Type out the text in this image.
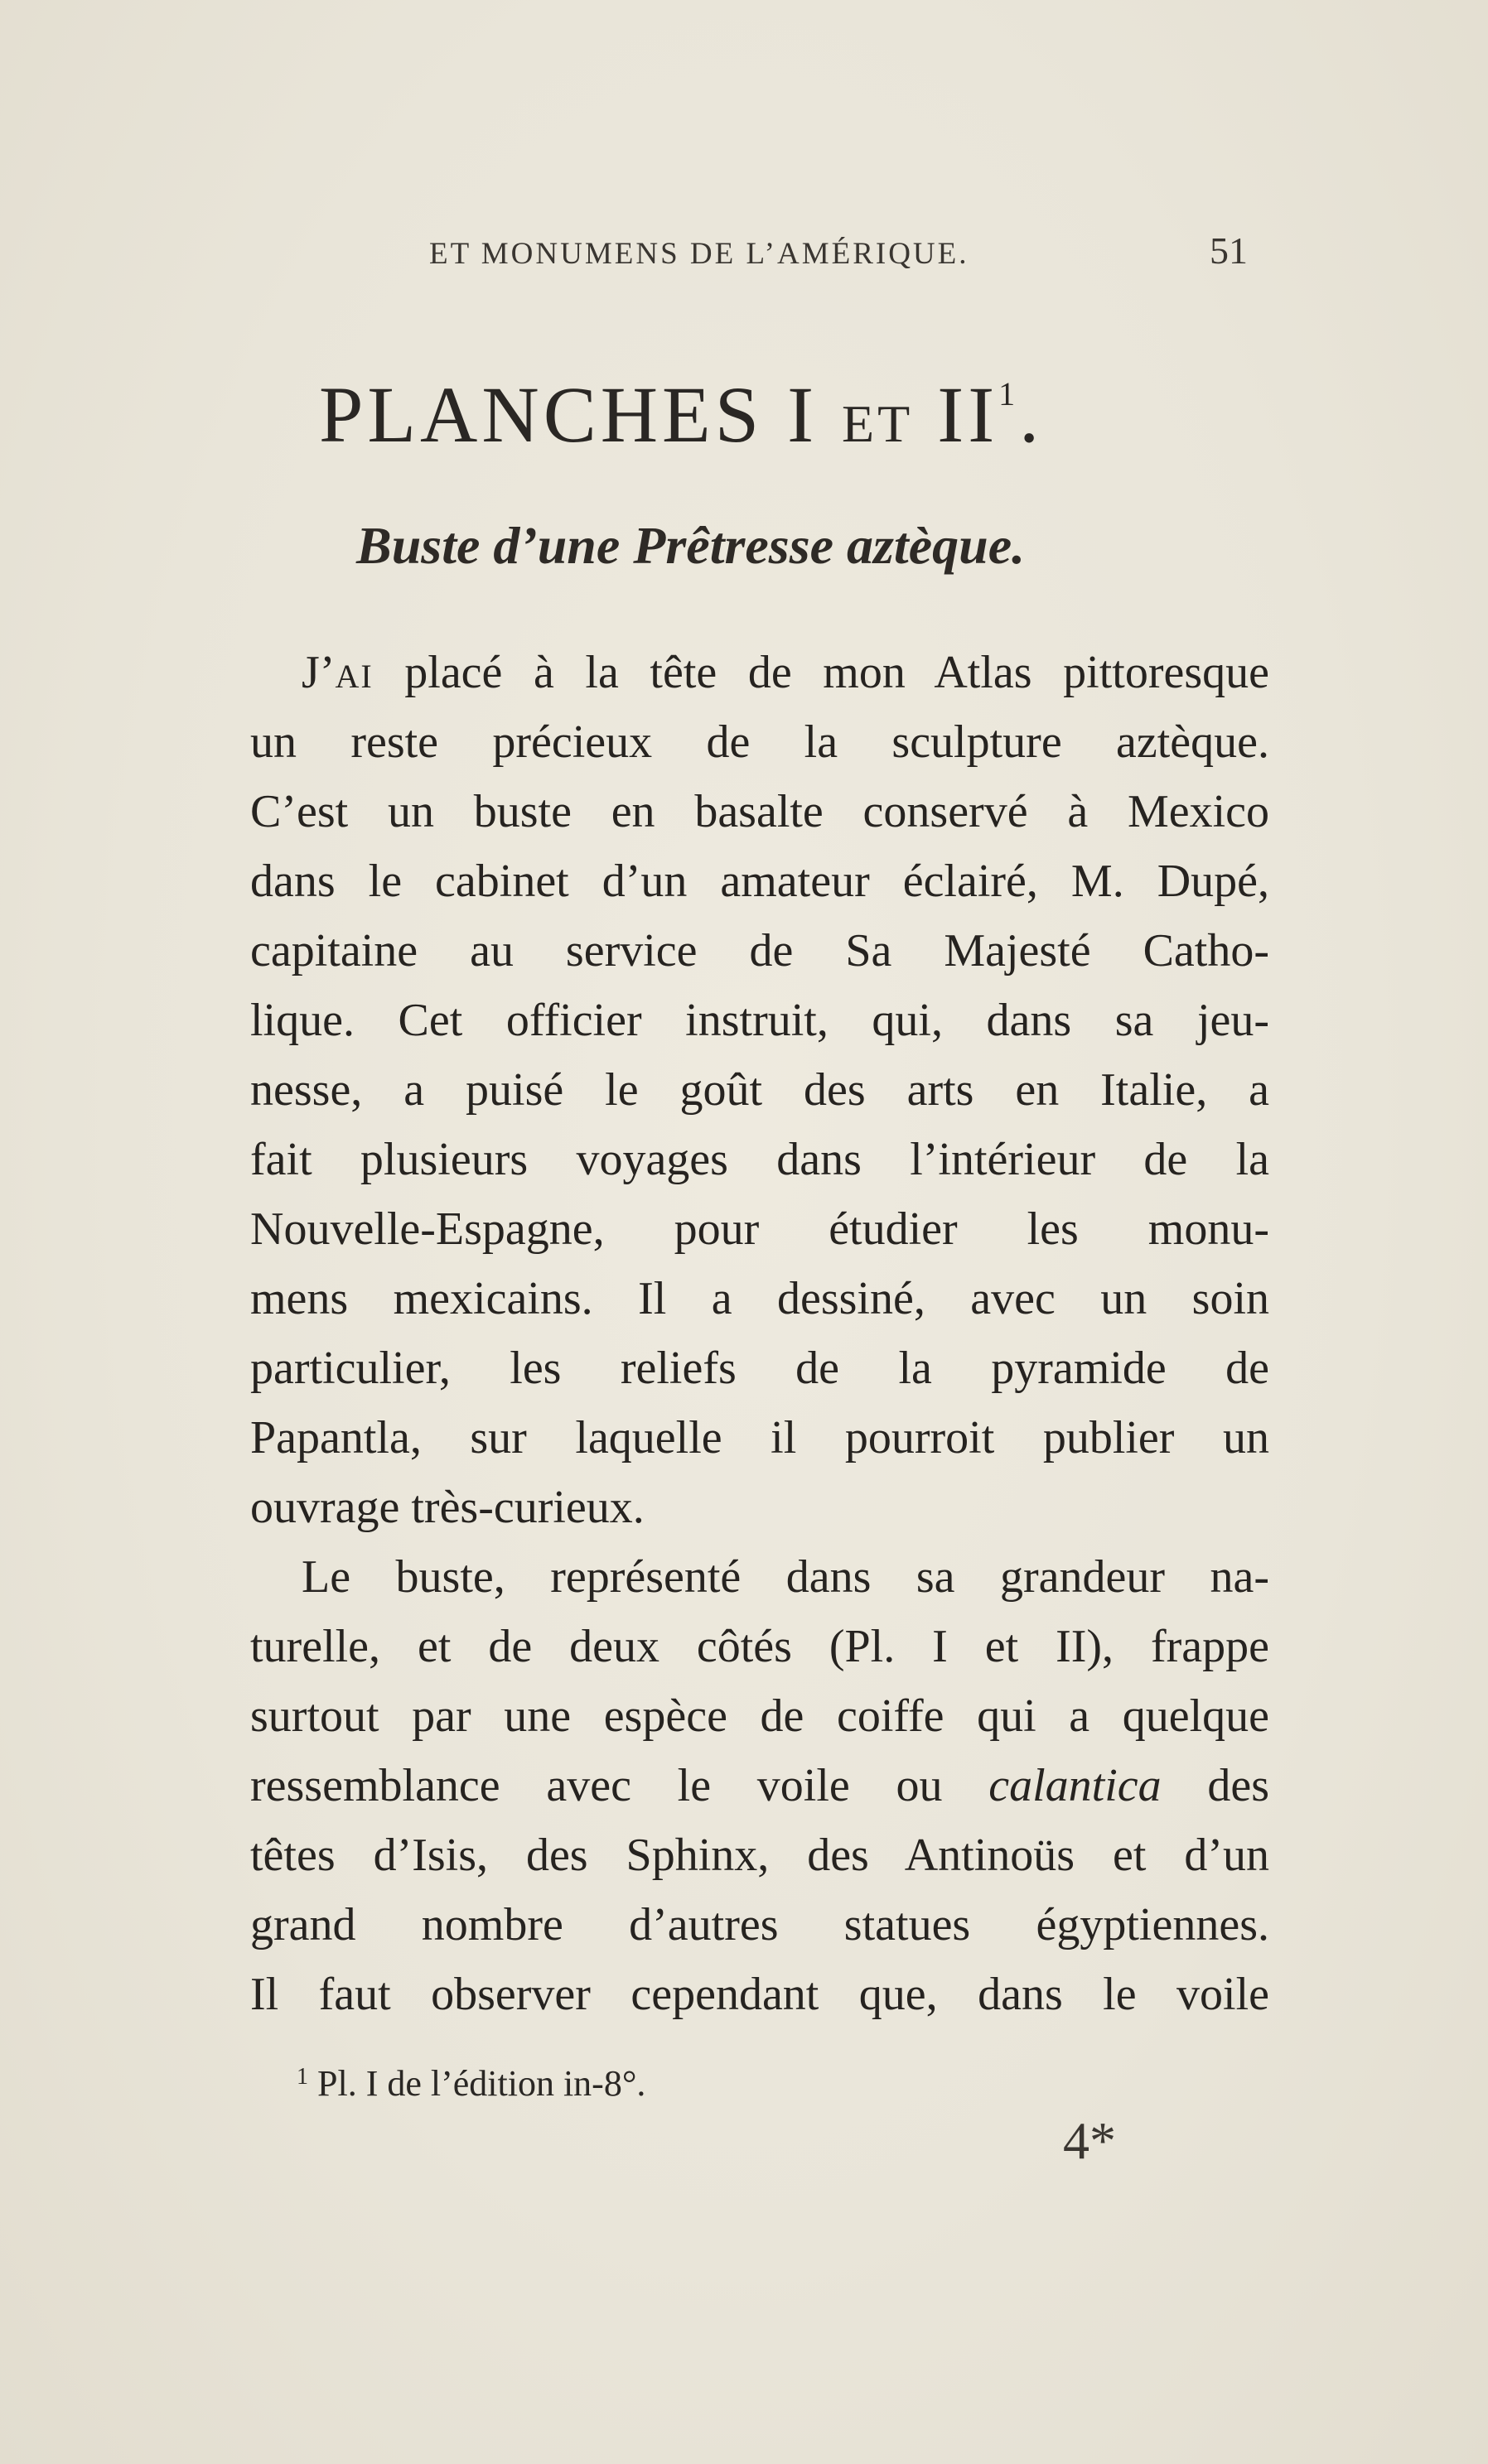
ET MONUMENS DE L’AMÉRIQUE.	51
PLANCHES I ET $II^1$.
Buste d’une Prêtresse aztèque.
J’AI placé à la tête de mon Atlas pittoresque
un reste précieux de la sculpture aztèque.
C’est un buste en basalte conservé à Mexico
dans le cabinet d’un amateur éclairé, M. Dupé,
capitaine au service de Sa Majesté Catho-
lique. Cet officier instruit, qui, dans sa jeu-
nesse, a puisé le goût des arts en Italie, a
fait plusieurs voyages dans l’intérieur de la
Nouvelle-Espagne, pour étudier les monu-
mens mexicains. Il a dessiné, avec un soin
particulier, les reliefs de la pyramide de
Papantla, sur laquelle il pourroit publier un
ouvrage très-curieux.
Le buste, représenté dans sa grandeur na-
turelle, et de deux côtés (Pl. I et II), frappe
surtout par une espèce de coiffe qui a quelque
ressemblance avec le voile ou calantica des
têtes d’Isis, des Sphinx, des Antinoüs et d’un
grand nombre d’autres statues égyptiennes.
Il faut observer cependant que, dans le voile
$^1$ Pl. I de l’édition in-8°.
4*
